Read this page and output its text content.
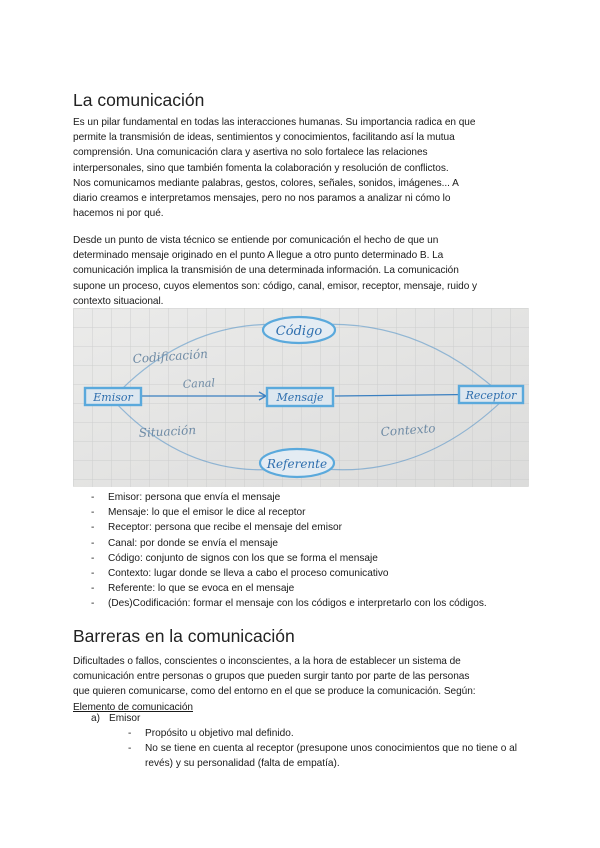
La comunicación

Es un pilar fundamental en todas las interacciones humanas. Su importancia radica en que
permite la transmisión de ideas, sentimientos y conocimientos, facilitando así la mutua
comprensión. Una comunicación clara y asertiva no solo fortalece las relaciones
interpersonales, sino que también fomenta la colaboración y resolución de conflictos.
Nos comunicamos mediante palabras, gestos, colores, señales, sonidos, imágenes... A
diario creamos e interpretamos mensajes, pero no nos paramos a analizar ni cómo lo
hacemos ni por qué.

Desde un punto de vista técnico se entiende por comunicación el hecho de que un
determinado mensaje originado en el punto A llegue a otro punto determinado B. La
comunicación implica la transmisión de una determinada información. La comunicación
supone un proceso, cuyos elementos son: código, canal, emisor, receptor, mensaje, ruido y
contexto situacional.

Código
Emisor	Mensaje	Receptor
Referente
Codificación
Canal
Situación	Contexto
- Emisor: persona que envía el mensaje
- Mensaje: lo que el emisor le dice al receptor
- Receptor: persona que recibe el mensaje del emisor
- Canal: por donde se envía el mensaje
- Código: conjunto de signos con los que se forma el mensaje
- Contexto: lugar donde se lleva a cabo el proceso comunicativo
- Referente: lo que se evoca en el mensaje
- (Des)Codificación: formar el mensaje con los códigos e interpretarlo con los códigos.
Barreras en la comunicación

Dificultades o fallos, conscientes o inconscientes, a la hora de establecer un sistema de
comunicación entre personas o grupos que pueden surgir tanto por parte de las personas
que quieren comunicarse, como del entorno en el que se produce la comunicación. Según:
Elemento de comunicación

a) Emisor
- Propósito u objetivo mal definido.
- No se tiene en cuenta al receptor (presupone unos conocimientos que no tiene o al revés) y su personalidad (falta de empatía).
